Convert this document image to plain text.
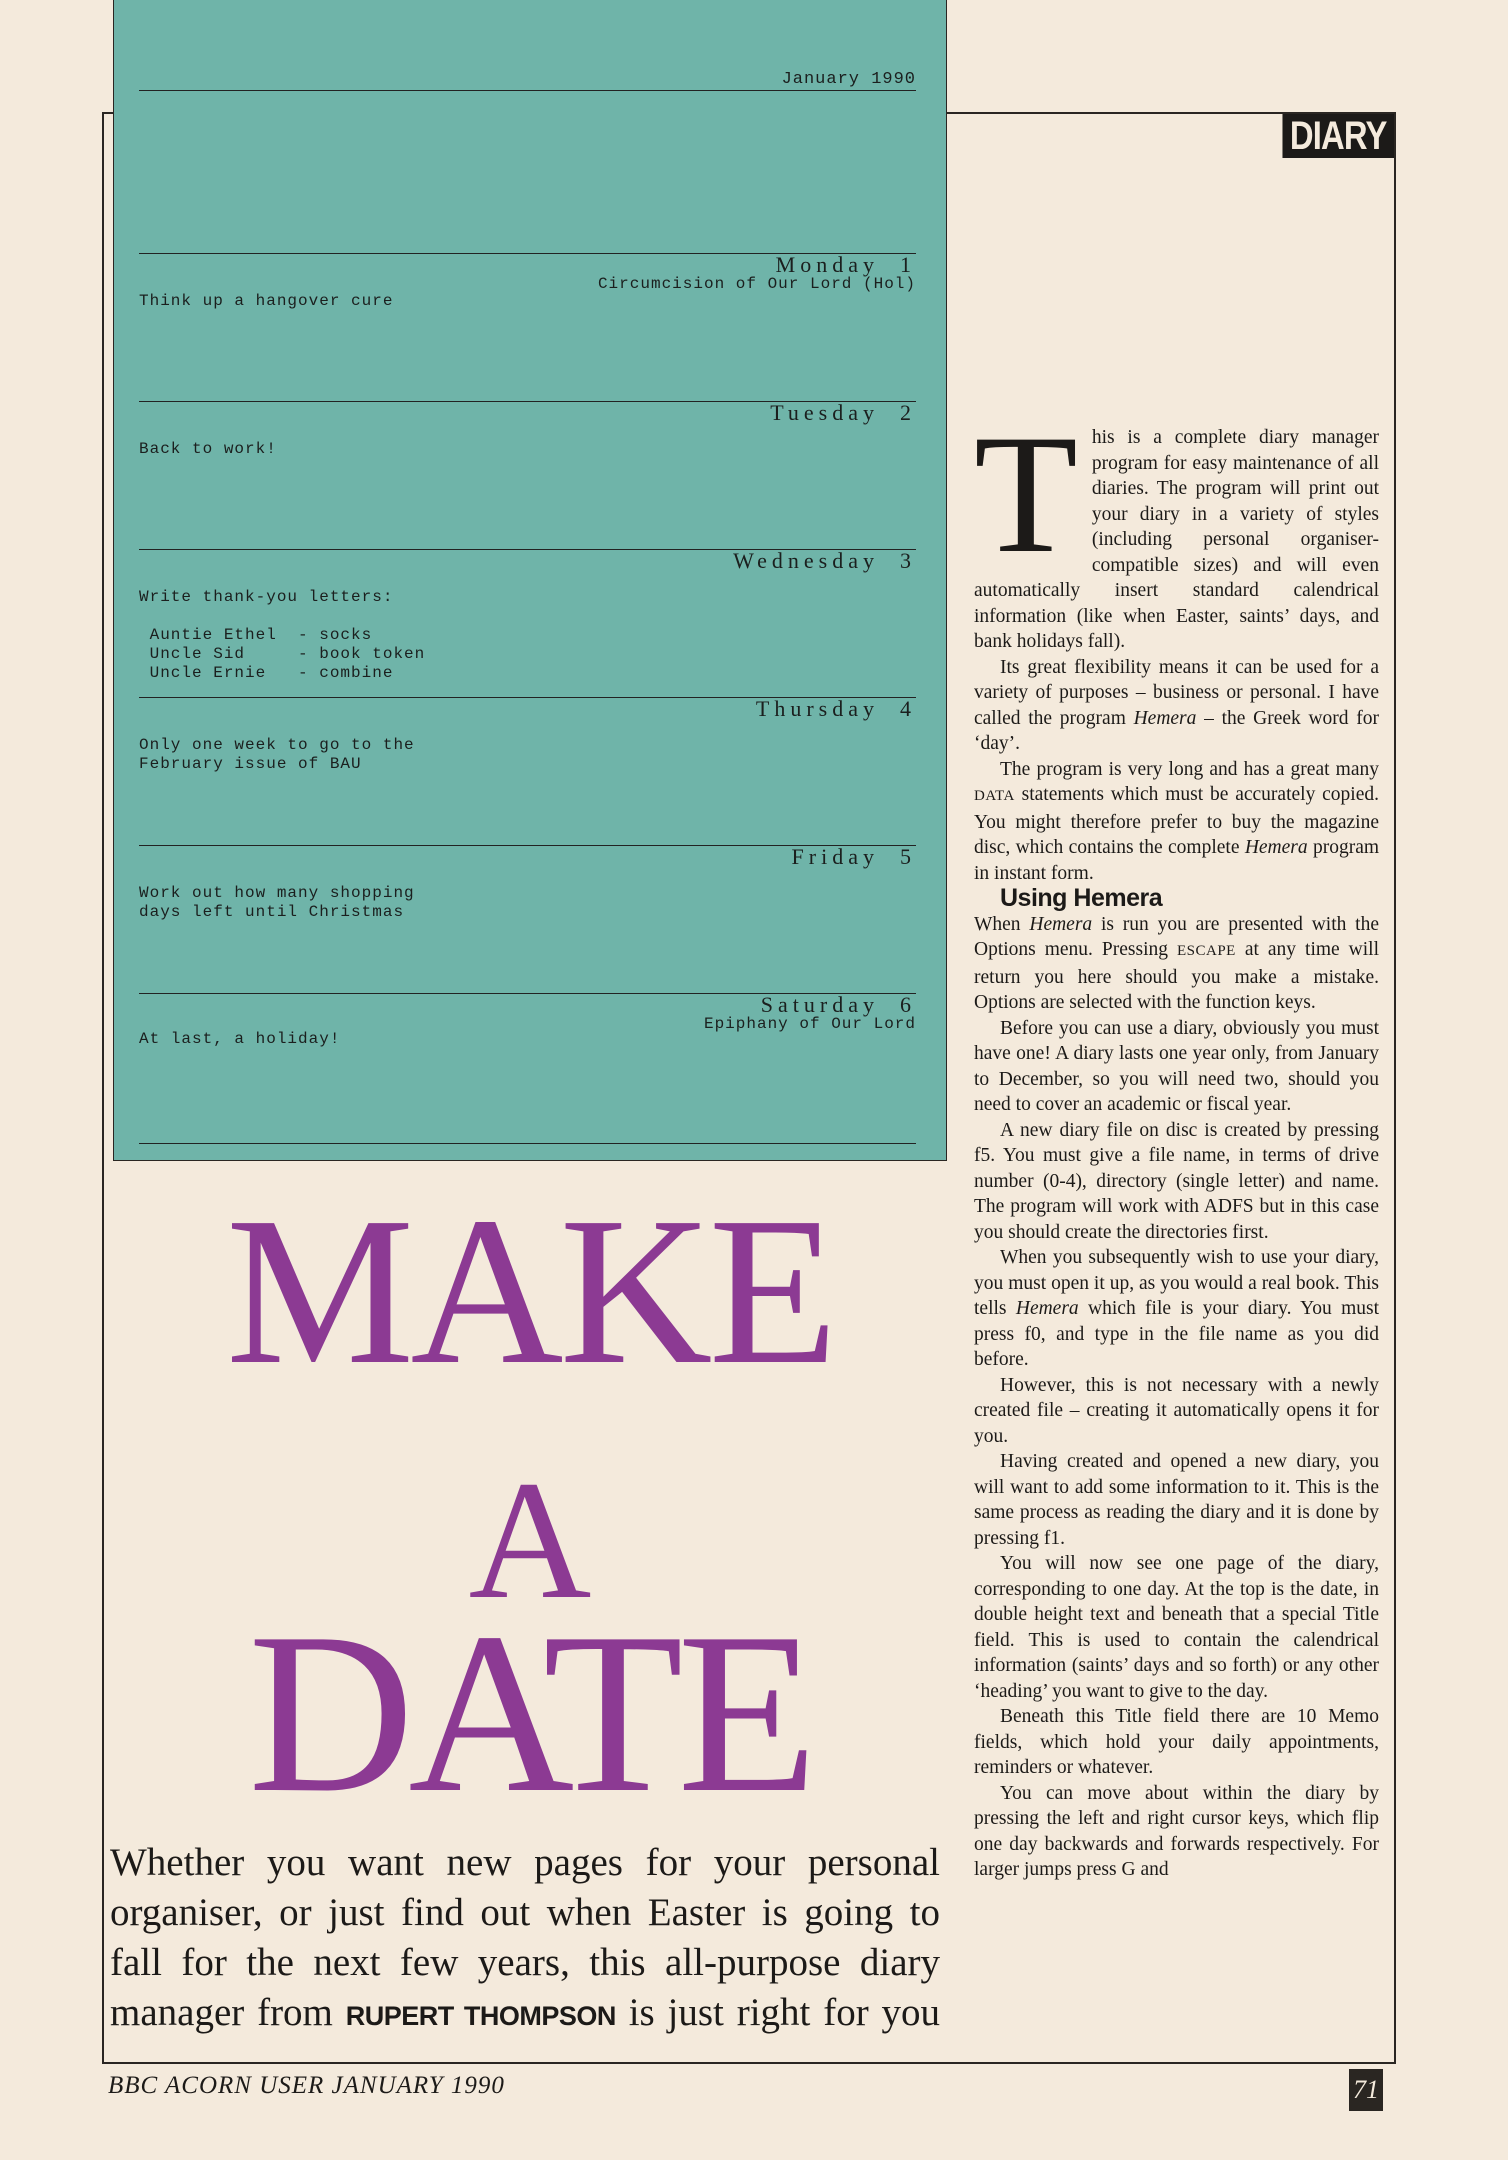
DIARY
January 1990
Monday 1
Circumcision of Our Lord (Hol)
Think up a hangover cure
Tuesday 2
Back to work!
Wednesday 3
Write thank-you letters:

Auntie Ethel  - socks
Uncle Sid     - book token
Uncle Ernie   - combine
Thursday 4
Only one week to go to the
February issue of BAU
Friday 5
Work out how many shopping
days left until Christmas
Saturday 6
Epiphany of Our Lord
At last, a holiday!
MAKE
A
DATE
Whether you want new pages for your personal organiser, or just find out when Easter is going to fall for the next few years, this all-purpose diary manager from RUPERT THOMPSON is just right for you

This is a complete diary manager program for easy maintenance of all diaries. The program will print out your diary in a variety of styles (including personal organiser-compatible sizes) and will even automatically insert standard calendrical information (like when Easter, saints’ days, and bank holidays fall).

Its great flexibility means it can be used for a variety of purposes – business or personal. I have called the program Hemera – the Greek word for ‘day’.

The program is very long and has a great many DATA statements which must be accurately copied. You might therefore prefer to buy the magazine disc, which contains the complete Hemera program in instant form.

Using Hemera

When Hemera is run you are presented with the Options menu. Pressing ESCAPE at any time will return you here should you make a mistake. Options are selected with the function keys.

Before you can use a diary, obviously you must have one! A diary lasts one year only, from January to December, so you will need two, should you need to cover an academic or fiscal year.

A new diary file on disc is created by pressing f5. You must give a file name, in terms of drive number (0-4), directory (single letter) and name. The program will work with ADFS but in this case you should create the directories first.

When you subsequently wish to use your diary, you must open it up, as you would a real book. This tells Hemera which file is your diary. You must press f0, and type in the file name as you did before.

However, this is not necessary with a newly created file – creating it automatically opens it for you.

Having created and opened a new diary, you will want to add some information to it. This is the same process as reading the diary and it is done by pressing f1.

You will now see one page of the diary, corresponding to one day. At the top is the date, in double height text and beneath that a special Title field. This is used to contain the calendrical information (saints’ days and so forth) or any other ‘heading’ you want to give to the day.

Beneath this Title field there are 10 Memo fields, which hold your daily appointments, reminders or whatever.

You can move about within the diary by pressing the left and right cursor keys, which flip one day backwards and forwards respectively. For larger jumps press G and

BBC ACORN USER JANUARY 1990	71
